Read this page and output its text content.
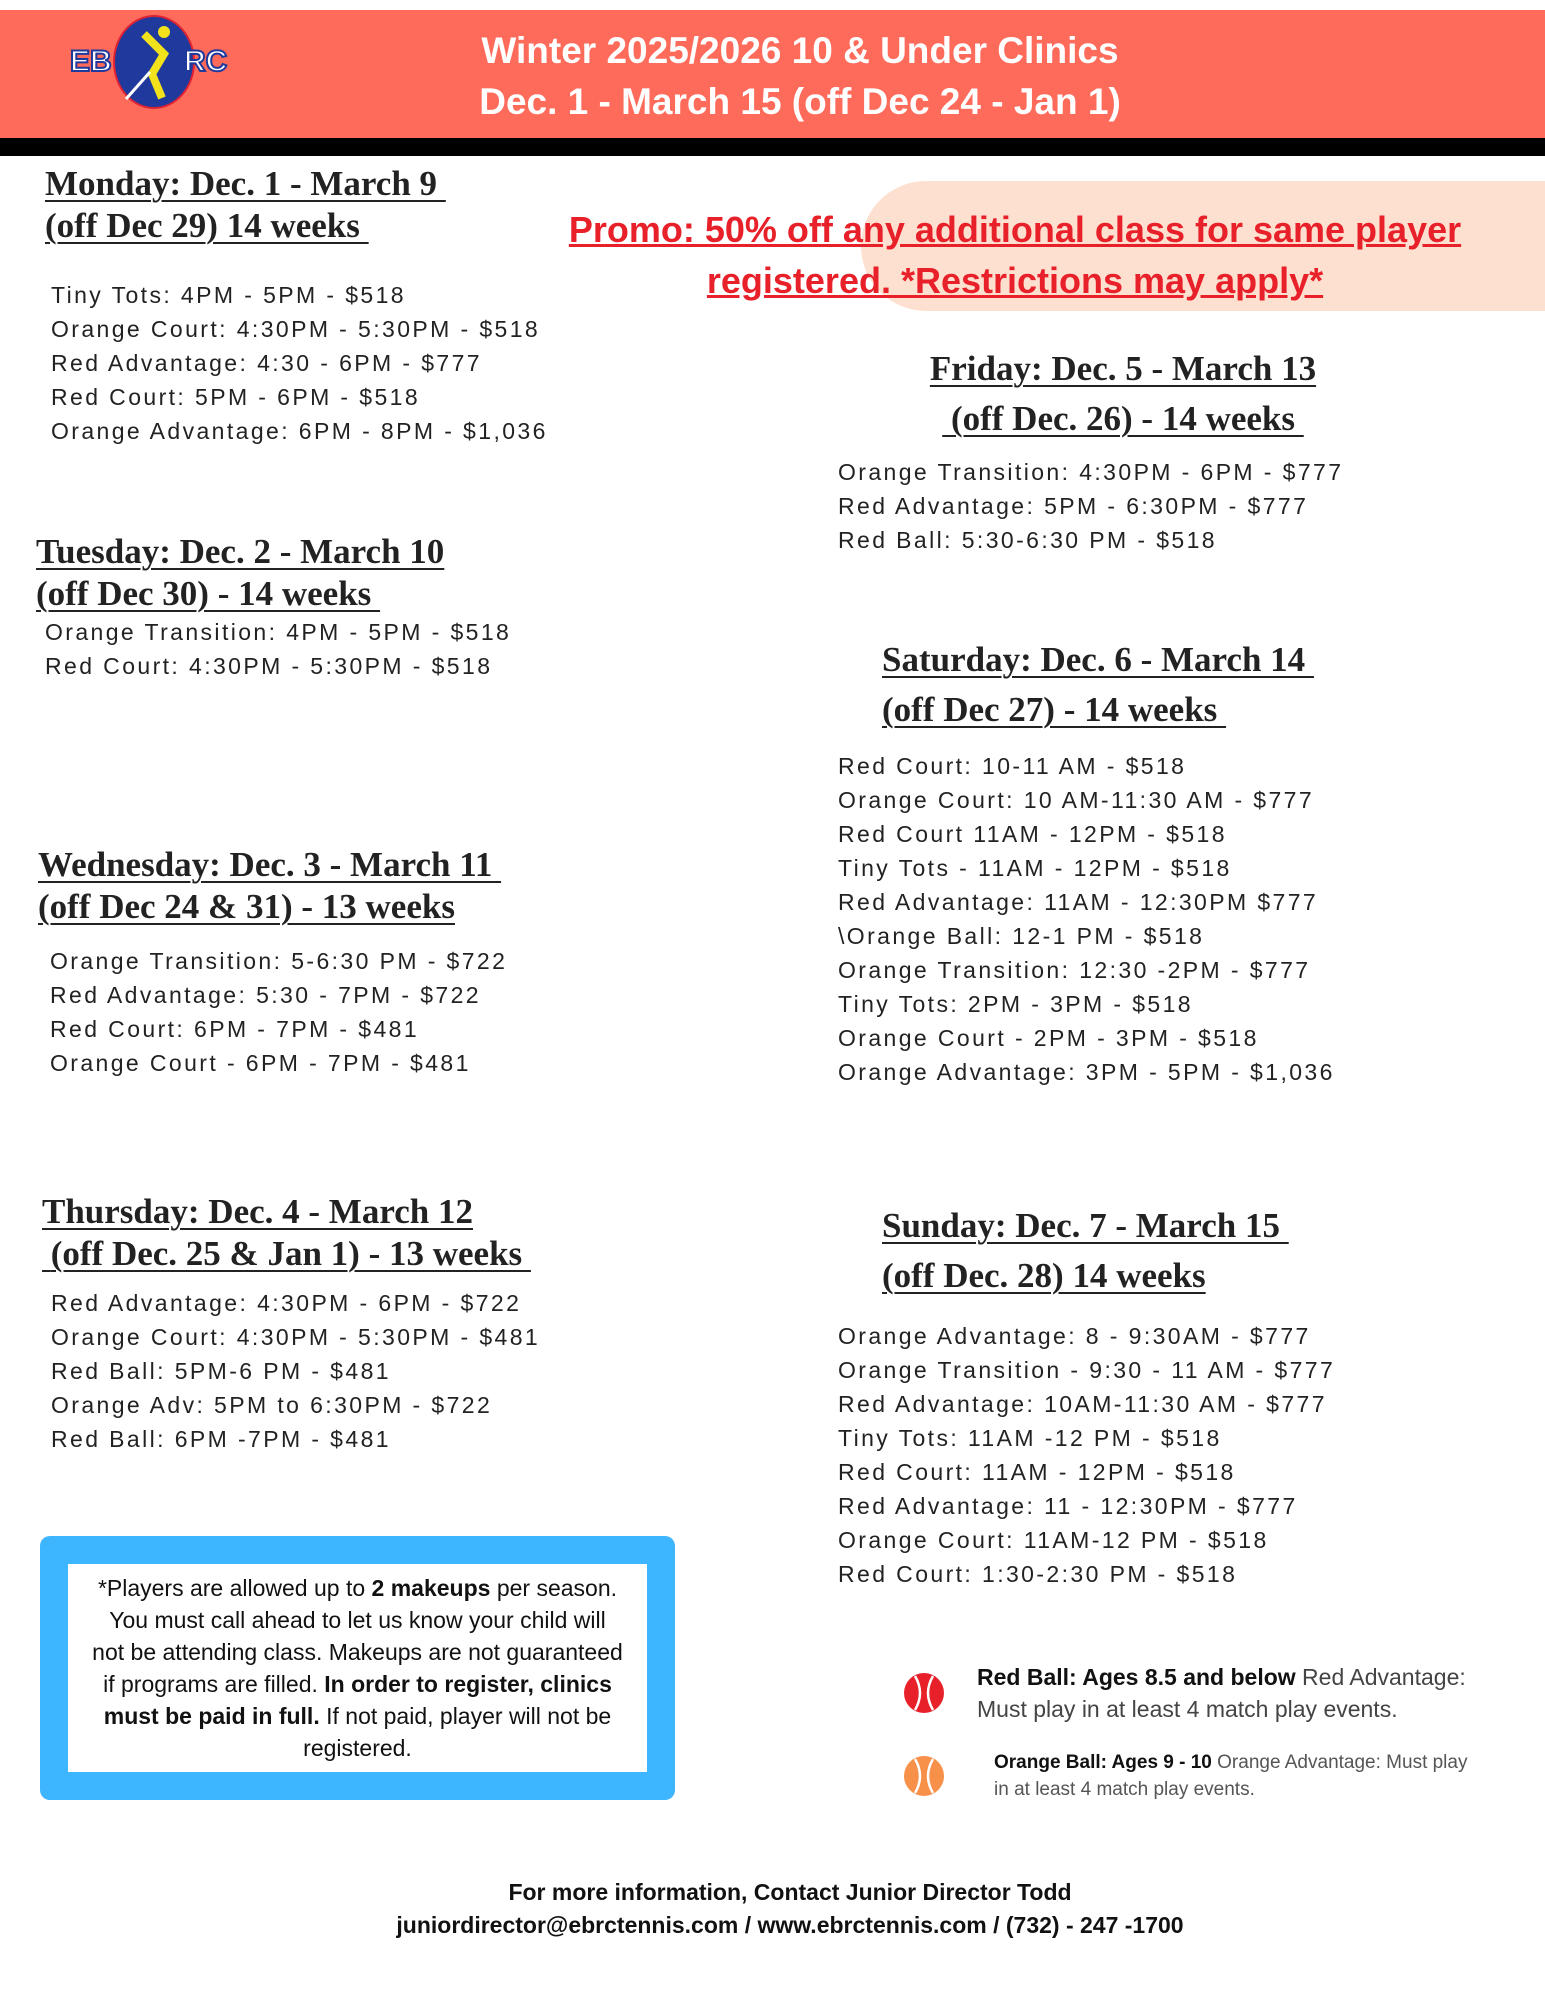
EB RC	Winter 2025/2026 10 & Under Clinics
Dec. 1 - March 15 (off Dec 24 - Jan 1)
Promo: 50% off any additional class for same player registered. *Restrictions may apply*
Monday: Dec. 1 - March 9
(off Dec 29) 14 weeks
Tiny Tots: 4PM - 5PM - $518
Orange Court: 4:30PM - 5:30PM - $518
Red Advantage: 4:30 - 6PM - $777
Red Court: 5PM - 6PM - $518
Orange Advantage: 6PM - 8PM - $1,036
Tuesday: Dec. 2 - March 10
(off Dec 30) - 14 weeks
Orange Transition: 4PM - 5PM - $518
Red Court: 4:30PM - 5:30PM - $518
Wednesday: Dec. 3 - March 11
(off Dec 24 & 31) - 13 weeks
Orange Transition: 5-6:30 PM - $722
Red Advantage: 5:30 - 7PM - $722
Red Court: 6PM - 7PM - $481
Orange Court - 6PM - 7PM - $481
Thursday: Dec. 4 - March 12
(off Dec. 25 & Jan 1) - 13 weeks
Red Advantage: 4:30PM - 6PM - $722
Orange Court: 4:30PM - 5:30PM - $481
Red Ball: 5PM-6 PM - $481
Orange Adv: 5PM to 6:30PM - $722
Red Ball: 6PM -7PM - $481
*Players are allowed up to 2 makeups per season. You must call ahead to let us know your child will not be attending class. Makeups are not guaranteed if programs are filled. In order to register, clinics must be paid in full. If not paid, player will not be registered.
Friday: Dec. 5 - March 13
(off Dec. 26) - 14 weeks
Orange Transition: 4:30PM - 6PM - $777
Red Advantage: 5PM - 6:30PM - $777
Red Ball: 5:30-6:30 PM - $518
Saturday: Dec. 6 - March 14
(off Dec 27) - 14 weeks
Red Court: 10-11 AM - $518
Orange Court: 10 AM-11:30 AM - $777
Red Court 11AM - 12PM - $518
Tiny Tots - 11AM - 12PM - $518
Red Advantage: 11AM - 12:30PM $777
\Orange Ball: 12-1 PM - $518
Orange Transition: 12:30 -2PM - $777
Tiny Tots: 2PM - 3PM - $518
Orange Court - 2PM - 3PM - $518
Orange Advantage: 3PM - 5PM - $1,036
Sunday: Dec. 7 - March 15
(off Dec. 28) 14 weeks
Orange Advantage: 8 - 9:30AM - $777
Orange Transition - 9:30 - 11 AM - $777
Red Advantage: 10AM-11:30 AM - $777
Tiny Tots: 11AM -12 PM - $518
Red Court: 11AM - 12PM - $518
Red Advantage: 11 - 12:30PM - $777
Orange Court: 11AM-12 PM - $518
Red Court: 1:30-2:30 PM - $518
Red Ball: Ages 8.5 and below Red Advantage: Must play in at least 4 match play events.
Orange Ball: Ages 9 - 10 Orange Advantage: Must play in at least 4 match play events.
For more information, Contact Junior Director Todd
juniordirector@ebrctennis.com / www.ebrctennis.com / (732) - 247 -1700
